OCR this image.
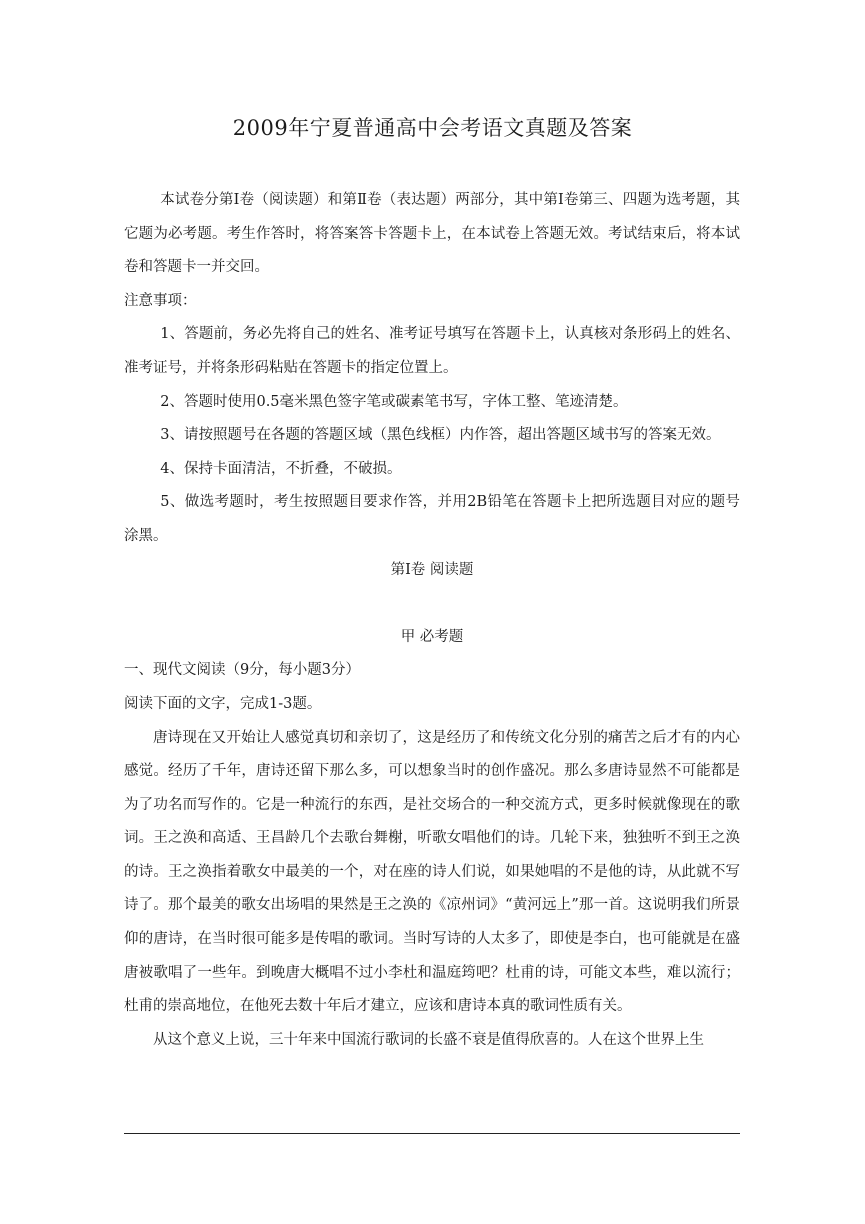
2009年宁夏普通高中会考语文真题及答案

本试卷分第Ⅰ卷（阅读题）和第Ⅱ卷（表达题）两部分，其中第Ⅰ卷第三、四题为选考题，其它题为必考题。考生作答时，将答案答卡答题卡上，在本试卷上答题无效。考试结束后，将本试卷和答题卡一并交回。

注意事项：

1、答题前，务必先将自己的姓名、准考证号填写在答题卡上，认真核对条形码上的姓名、准考证号，并将条形码粘贴在答题卡的指定位置上。

2、答题时使用0.5毫米黑色签字笔或碳素笔书写，字体工整、笔迹清楚。

3、请按照题号在各题的答题区域（黑色线框）内作答，超出答题区域书写的答案无效。

4、保持卡面清洁，不折叠，不破损。

5、做选考题时，考生按照题目要求作答，并用2B铅笔在答题卡上把所选题目对应的题号涂黑。

第Ⅰ卷 阅读题

甲 必考题

一、现代文阅读（9分，每小题3分）

阅读下面的文字，完成1-3题。

唐诗现在又开始让人感觉真切和亲切了，这是经历了和传统文化分别的痛苦之后才有的内心感觉。经历了千年，唐诗还留下那么多，可以想象当时的创作盛况。那么多唐诗显然不可能都是为了功名而写作的。它是一种流行的东西，是社交场合的一种交流方式，更多时候就像现在的歌词。王之涣和高适、王昌龄几个去歌台舞榭，听歌女唱他们的诗。几轮下来，独独听不到王之涣的诗。王之涣指着歌女中最美的一个，对在座的诗人们说，如果她唱的不是他的诗，从此就不写诗了。那个最美的歌女出场唱的果然是王之涣的《凉州词》“黄河远上”那一首。这说明我们所景仰的唐诗，在当时很可能多是传唱的歌词。当时写诗的人太多了，即使是李白，也可能就是在盛唐被歌唱了一些年。到晚唐大概唱不过小李杜和温庭筠吧？杜甫的诗，可能文本些，难以流行；杜甫的崇高地位，在他死去数十年后才建立，应该和唐诗本真的歌词性质有关。

从这个意义上说，三十年来中国流行歌词的长盛不衰是值得欣喜的。人在这个世界上生
